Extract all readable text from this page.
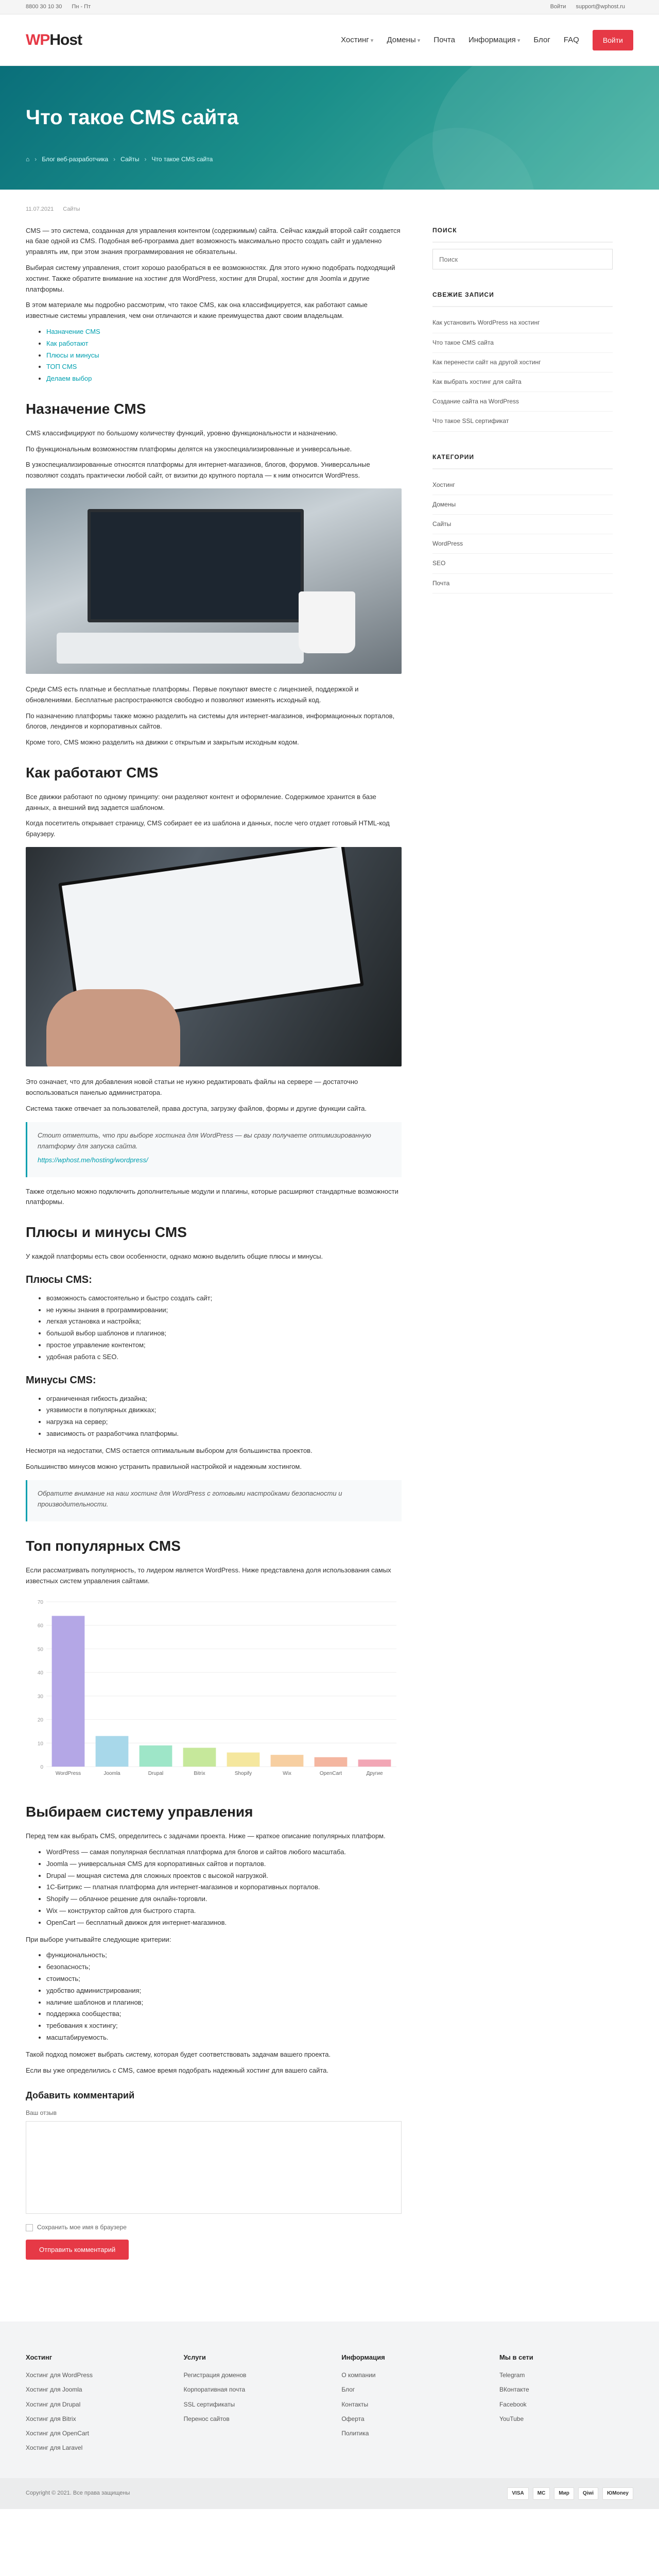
8800 30 10 30 Пн - Пт	Войти support@wphost.ru
WPHost	Хостинг ▾	Домены ▾	Почта Информация ▾	Блог FAQ	Войти
Что такое CMS сайта
⌂ › Блог веб-разработчика › Сайты › Что такое CMS сайта
11.07.2021 Сайты

CMS — это система, созданная для управления контентом (содержимым) сайта. Сейчас каждый второй сайт создается на базе одной из CMS. Подобная веб-программа дает возможность максимально просто создать сайт и удаленно управлять им, при этом знания программирования не обязательны.

Выбирая систему управления, стоит хорошо разобраться в ее возможностях. Для этого нужно подобрать подходящий хостинг. Также обратите внимание на хостинг для WordPress, хостинг для Drupal, хостинг для Joomla и другие платформы.

В этом материале мы подробно рассмотрим, что такое CMS, как она классифицируется, как работают самые известные системы управления, чем они отличаются и какие преимущества дают своим владельцам.

• Назначение CMS
• Как работают
• Плюсы и минусы
• ТОП CMS
• Делаем выбор
Назначение CMS

CMS классифицируют по большому количеству функций, уровню функциональности и назначению.

По функциональным возможностям платформы делятся на узкоспециализированные и универсальные.

В узкоспециализированные относятся платформы для интернет-магазинов, блогов, форумов. Универсальные позволяют создать практически любой сайт, от визитки до крупного портала — к ним относится WordPress.

Среди CMS есть платные и бесплатные платформы. Первые покупают вместе с лицензией, поддержкой и обновлениями. Бесплатные распространяются свободно и позволяют изменять исходный код.

По назначению платформы также можно разделить на системы для интернет-магазинов, информационных порталов, блогов, лендингов и корпоративных сайтов.

Кроме того, CMS можно разделить на движки с открытым и закрытым исходным кодом.

Как работают CMS

Все движки работают по одному принципу: они разделяют контент и оформление. Содержимое хранится в базе данных, а внешний вид задается шаблоном.

Когда посетитель открывает страницу, CMS собирает ее из шаблона и данных, после чего отдает готовый HTML-код браузеру.

Это означает, что для добавления новой статьи не нужно редактировать файлы на сервере — достаточно воспользоваться панелью администратора.

Система также отвечает за пользователей, права доступа, загрузку файлов, формы и другие функции сайта.

Стоит отметить, что при выборе хостинга для WordPress — вы сразу получаете оптимизированную платформу для запуска сайта.

https://wphost.me/hosting/wordpress/

Также отдельно можно подключить дополнительные модули и плагины, которые расширяют стандартные возможности платформы.

Плюсы и минусы CMS

У каждой платформы есть свои особенности, однако можно выделить общие плюсы и минусы.

Плюсы CMS:
• возможность самостоятельно и быстро создать сайт;
• не нужны знания в программировании;
• легкая установка и настройка;
• большой выбор шаблонов и плагинов;
• простое управление контентом;
• удобная работа с SEO.
Минусы CMS:
• ограниченная гибкость дизайна;
• уязвимости в популярных движках;
• нагрузка на сервер;
• зависимость от разработчика платформы.

Несмотря на недостатки, CMS остается оптимальным выбором для большинства проектов.

Большинство минусов можно устранить правильной настройкой и надежным хостингом.

Обратите внимание на наш хостинг для WordPress с готовыми настройками безопасности и производительности.

Топ популярных CMS

Если рассматривать популярность, то лидером является WordPress. Ниже представлена доля использования самых известных систем управления сайтами.

0
10
20
30
40
50
60
70
WordPress	Joomla	Drupal	Bitrix	Shopify	Wix	OpenCart	Другие
Выбираем систему управления

Перед тем как выбрать CMS, определитесь с задачами проекта. Ниже — краткое описание популярных платформ.

• WordPress — самая популярная бесплатная платформа для блогов и сайтов любого масштаба.
• Joomla — универсальная CMS для корпоративных сайтов и порталов.
• Drupal — мощная система для сложных проектов с высокой нагрузкой.
• 1С-Битрикс — платная платформа для интернет-магазинов и корпоративных порталов.
• Shopify — облачное решение для онлайн-торговли.
• Wix — конструктор сайтов для быстрого старта.
• OpenCart — бесплатный движок для интернет-магазинов.

При выборе учитывайте следующие критерии:

• функциональность;
• безопасность;
• стоимость;
• удобство администрирования;
• наличие шаблонов и плагинов;
• поддержка сообщества;
• требования к хостингу;
• масштабируемость.

Такой подход поможет выбрать систему, которая будет соответствовать задачам вашего проекта.

Если вы уже определились с CMS, самое время подобрать надежный хостинг для вашего сайта.

Добавить комментарий
Ваш отзыв
Сохранить мое имя в браузере
Отправить комментарий
ПОИСК
Поиск
СВЕЖИЕ ЗАПИСИ
Как установить WordPress на хостинг
Что такое CMS сайта
Как перенести сайт на другой хостинг
Как выбрать хостинг для сайта
Создание сайта на WordPress
Что такое SSL сертификат
КАТЕГОРИИ
Хостинг
Домены
Сайты
WordPress
SEO
Почта
Хостинг
Хостинг для WordPress
Хостинг для Joomla
Хостинг для Drupal
Хостинг для Bitrix
Хостинг для OpenCart
Хостинг для Laravel
Услуги
Регистрация доменов
Корпоративная почта
SSL сертификаты
Перенос сайтов
Информация
О компании
Блог
Контакты
Оферта
Политика
Мы в сети
Telegram
ВКонтакте
Facebook
YouTube
Copyright © 2021. Все права защищены	VISA	MC	Мир	Qiwi	ЮMoney
